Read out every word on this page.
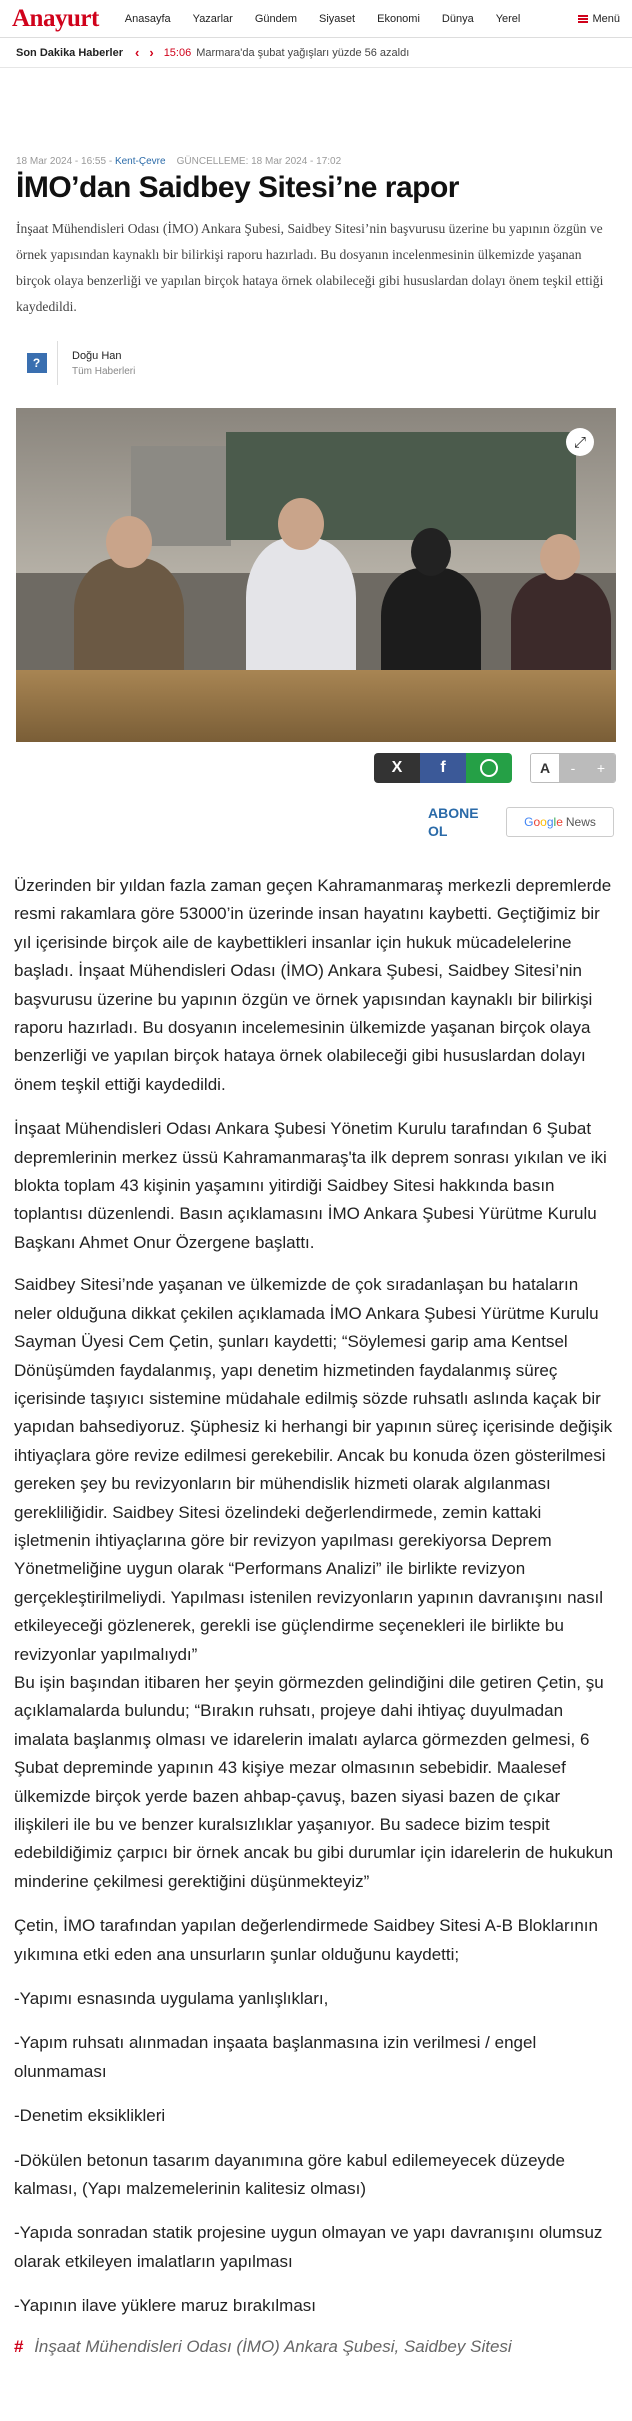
Anayurt Anasayfa Yazarlar Gündem Siyaset Ekonomi Dünya Yerel	Menü
Son Dakika Haberler ‹ › 15:06 Marmara'da şubat yağışları yüzde 56 azaldı
18 Mar 2024 - 16:55 - Kent-Çevre GÜNCELLEME: 18 Mar 2024 - 17:02
İMO’dan Saidbey Sitesi’ne rapor

İnşaat Mühendisleri Odası (İMO) Ankara Şubesi, Saidbey Sitesi’nin başvurusu üzerine bu yapının özgün ve örnek yapısından kaynaklı bir bilirkişi raporu hazırladı. Bu dosyanın incelenmesinin ülkemizde yaşanan birçok olaya benzerliği ve yapılan birçok hataya örnek olabileceği gibi hususlardan dolayı önem teşkil ettiği kaydedildi.

?
Doğu Han
Tüm Haberleri
⤢
X	f	A	-	+
ABONE
OL
G o o g l e News

Üzerinden bir yıldan fazla zaman geçen Kahramanmaraş merkezli depremlerde resmi rakamlara göre 53000’in üzerinde insan hayatını kaybetti. Geçtiğimiz bir yıl içerisinde birçok aile de kaybettikleri insanlar için hukuk mücadelelerine başladı. İnşaat Mühendisleri Odası (İMO) Ankara Şubesi, Saidbey Sitesi’nin başvurusu üzerine bu yapının özgün ve örnek yapısından kaynaklı bir bilirkişi raporu hazırladı. Bu dosyanın incelemesinin ülkemizde yaşanan birçok olaya benzerliği ve yapılan birçok hataya örnek olabileceği gibi hususlardan dolayı önem teşkil ettiği kaydedildi.

İnşaat Mühendisleri Odası Ankara Şubesi Yönetim Kurulu tarafından 6 Şubat depremlerinin merkez üssü Kahramanmaraş'ta ilk deprem sonrası yıkılan ve iki blokta toplam 43 kişinin yaşamını yitirdiği Saidbey Sitesi hakkında basın toplantısı düzenlendi. Basın açıklamasını İMO Ankara Şubesi Yürütme Kurulu Başkanı Ahmet Onur Özergene başlattı.

Saidbey Sitesi’nde yaşanan ve ülkemizde de çok sıradanlaşan bu hataların neler olduğuna dikkat çekilen açıklamada İMO Ankara Şubesi Yürütme Kurulu Sayman Üyesi Cem Çetin, şunları kaydetti; “Söylemesi garip ama Kentsel Dönüşümden faydalanmış, yapı denetim hizmetinden faydalanmış süreç içerisinde taşıyıcı sistemine müdahale edilmiş sözde ruhsatlı aslında kaçak bir yapıdan bahsediyoruz. Şüphesiz ki herhangi bir yapının süreç içerisinde değişik ihtiyaçlara göre revize edilmesi gerekebilir. Ancak bu konuda özen gösterilmesi gereken şey bu revizyonların bir mühendislik hizmeti olarak algılanması gerekliliğidir. Saidbey Sitesi özelindeki değerlendirmede, zemin kattaki işletmenin ihtiyaçlarına göre bir revizyon yapılması gerekiyorsa Deprem Yönetmeliğine uygun olarak “Performans Analizi” ile birlikte revizyon gerçekleştirilmeliydi. Yapılması istenilen revizyonların yapının davranışını nasıl etkileyeceği gözlenerek, gerekli ise güçlendirme seçenekleri ile birlikte bu revizyonlar yapılmalıydı”

Bu işin başından itibaren her şeyin görmezden gelindiğini dile getiren Çetin, şu açıklamalarda bulundu; “Bırakın ruhsatı, projeye dahi ihtiyaç duyulmadan imalata başlanmış olması ve idarelerin imalatı aylarca görmezden gelmesi, 6 Şubat depreminde yapının 43 kişiye mezar olmasının sebebidir. Maalesef ülkemizde birçok yerde bazen ahbap-çavuş, bazen siyasi bazen de çıkar ilişkileri ile bu ve benzer kuralsızlıklar yaşanıyor. Bu sadece bizim tespit edebildiğimiz çarpıcı bir örnek ancak bu gibi durumlar için idarelerin de hukukun minderine çekilmesi gerektiğini düşünmekteyiz”

Çetin, İMO tarafından yapılan değerlendirmede Saidbey Sitesi A-B Bloklarının yıkımına etki eden ana unsurların şunlar olduğunu kaydetti;

-Yapımı esnasında uygulama yanlışlıkları,

-Yapım ruhsatı alınmadan inşaata başlanmasına izin verilmesi / engel olunmaması

-Denetim eksiklikleri

-Dökülen betonun tasarım dayanımına göre kabul edilemeyecek düzeyde kalması, (Yapı malzemelerinin kalitesiz olması)

-Yapıda sonradan statik projesine uygun olmayan ve yapı davranışını olumsuz olarak etkileyen imalatların yapılması

-Yapının ilave yüklere maruz bırakılması

# İnşaat Mühendisleri Odası (İMO) Ankara Şubesi, Saidbey Sitesi
